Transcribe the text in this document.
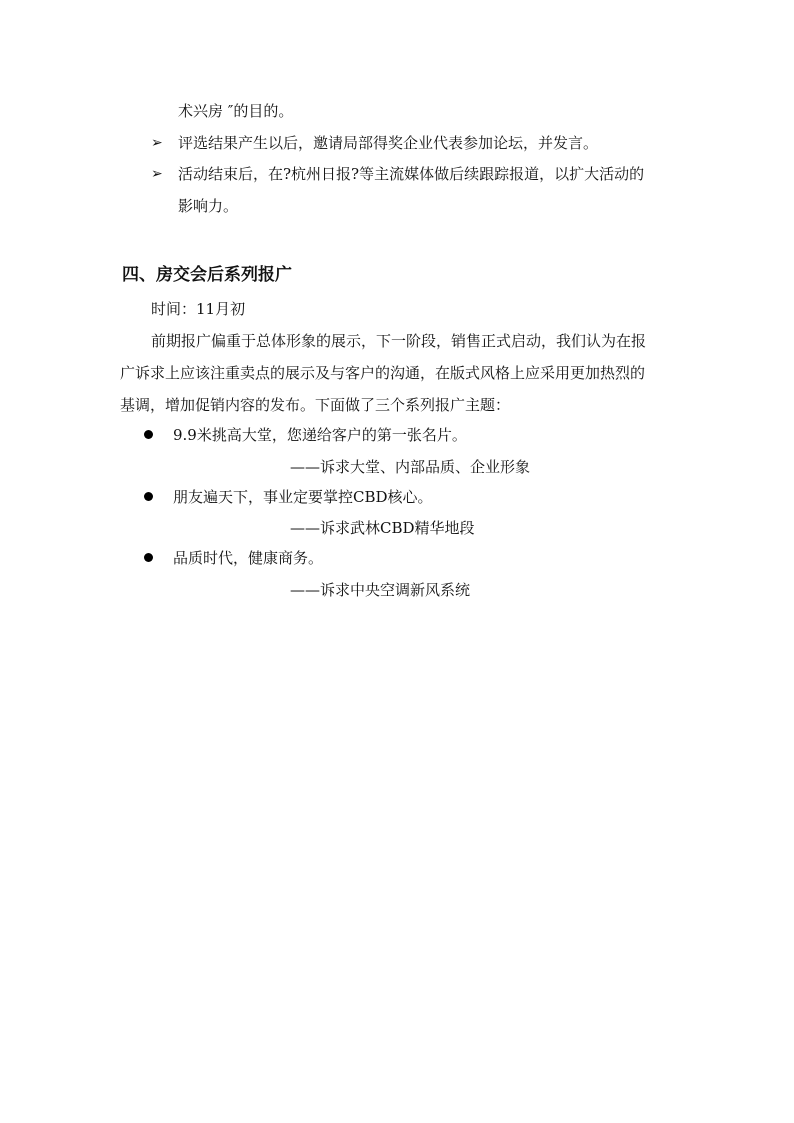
术兴房 ″的目的。
➢ 评选结果产生以后，邀请局部得奖企业代表参加论坛，并发言。
➢ 活动结束后，在?杭州日报?等主流媒体做后续跟踪报道，以扩大活动的
影响力。
四、房交会后系列报广
时间：11月初
前期报广偏重于总体形象的展示，下一阶段，销售正式启动，我们认为在报
广诉求上应该注重卖点的展示及与客户的沟通，在版式风格上应采用更加热烈的
基调，增加促销内容的发布。下面做了三个系列报广主题：
9.9米挑高大堂，您递给客户的第一张名片。
——诉求大堂、内部品质、企业形象
朋友遍天下，事业定要掌控CBD核心。
——诉求武林CBD精华地段
品质时代，健康商务。
——诉求中央空调新风系统
